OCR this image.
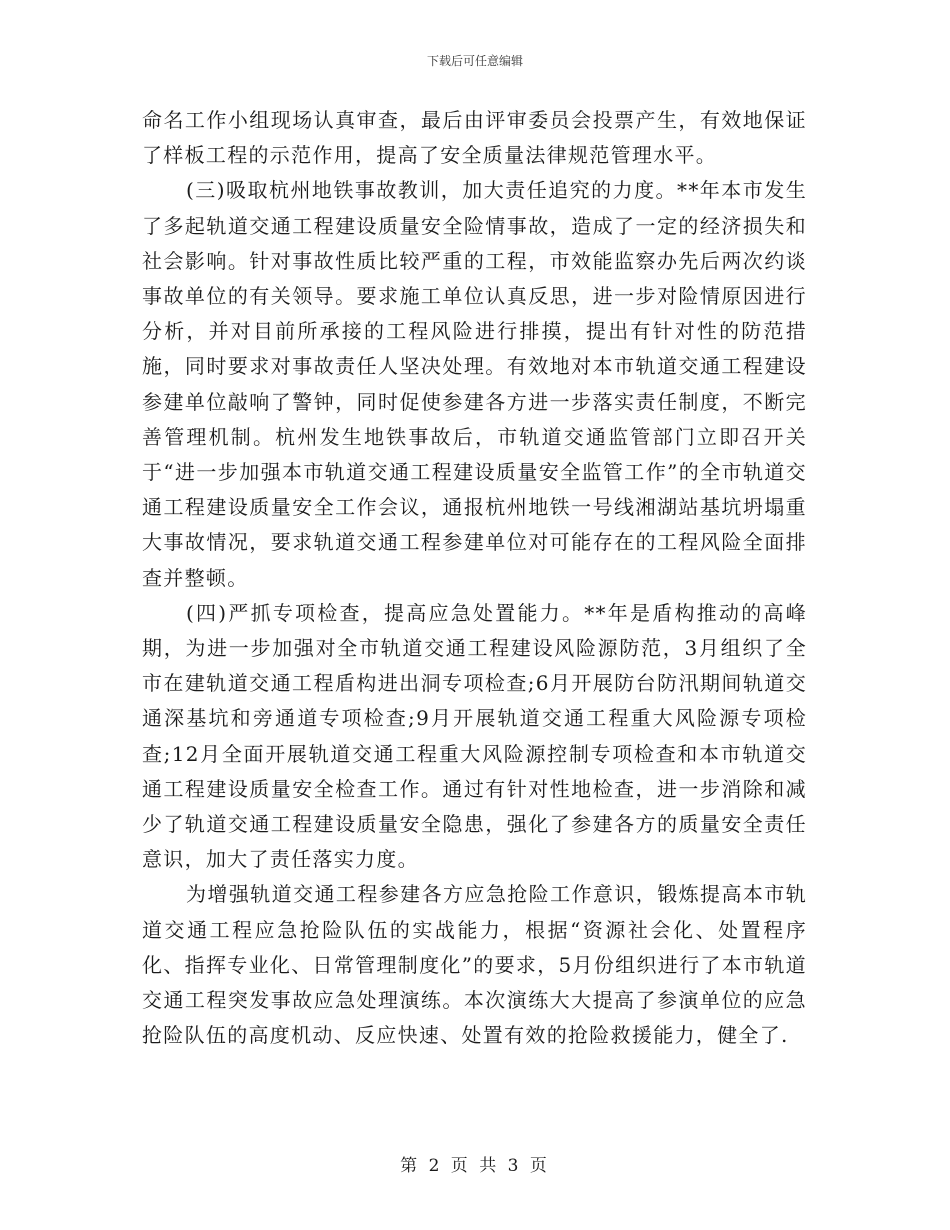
下载后可任意编辑

命名工作小组现场认真审查，最后由评审委员会投票产生，有效地保证了样板工程的示范作用，提高了安全质量法律规范管理水平。

(三)吸取杭州地铁事故教训，加大责任追究的力度。**年本市发生了多起轨道交通工程建设质量安全险情事故，造成了一定的经济损失和社会影响。针对事故性质比较严重的工程，市效能监察办先后两次约谈事故单位的有关领导。要求施工单位认真反思，进一步对险情原因进行分析，并对目前所承接的工程风险进行排摸，提出有针对性的防范措施，同时要求对事故责任人坚决处理。有效地对本市轨道交通工程建设参建单位敲响了警钟，同时促使参建各方进一步落实责任制度，不断完善管理机制。杭州发生地铁事故后，市轨道交通监管部门立即召开关于“进一步加强本市轨道交通工程建设质量安全监管工作”的全市轨道交通工程建设质量安全工作会议，通报杭州地铁一号线湘湖站基坑坍塌重大事故情况，要求轨道交通工程参建单位对可能存在的工程风险全面排查并整顿。

(四)严抓专项检查，提高应急处置能力。**年是盾构推动的高峰期，为进一步加强对全市轨道交通工程建设风险源防范，3月组织了全市在建轨道交通工程盾构进出洞专项检查;6月开展防台防汛期间轨道交通深基坑和旁通道专项检查;9月开展轨道交通工程重大风险源专项检查;12月全面开展轨道交通工程重大风险源控制专项检查和本市轨道交通工程建设质量安全检查工作。通过有针对性地检查，进一步消除和减少了轨道交通工程建设质量安全隐患，强化了参建各方的质量安全责任意识，加大了责任落实力度。

为增强轨道交通工程参建各方应急抢险工作意识，锻炼提高本市轨道交通工程应急抢险队伍的实战能力，根据“资源社会化、处置程序化、指挥专业化、日常管理制度化”的要求，5月份组织进行了本市轨道交通工程突发事故应急处理演练。本次演练大大提高了参演单位的应急抢险队伍的高度机动、反应快速、处置有效的抢险救援能力，健全了.

第 2 页 共 3 页
